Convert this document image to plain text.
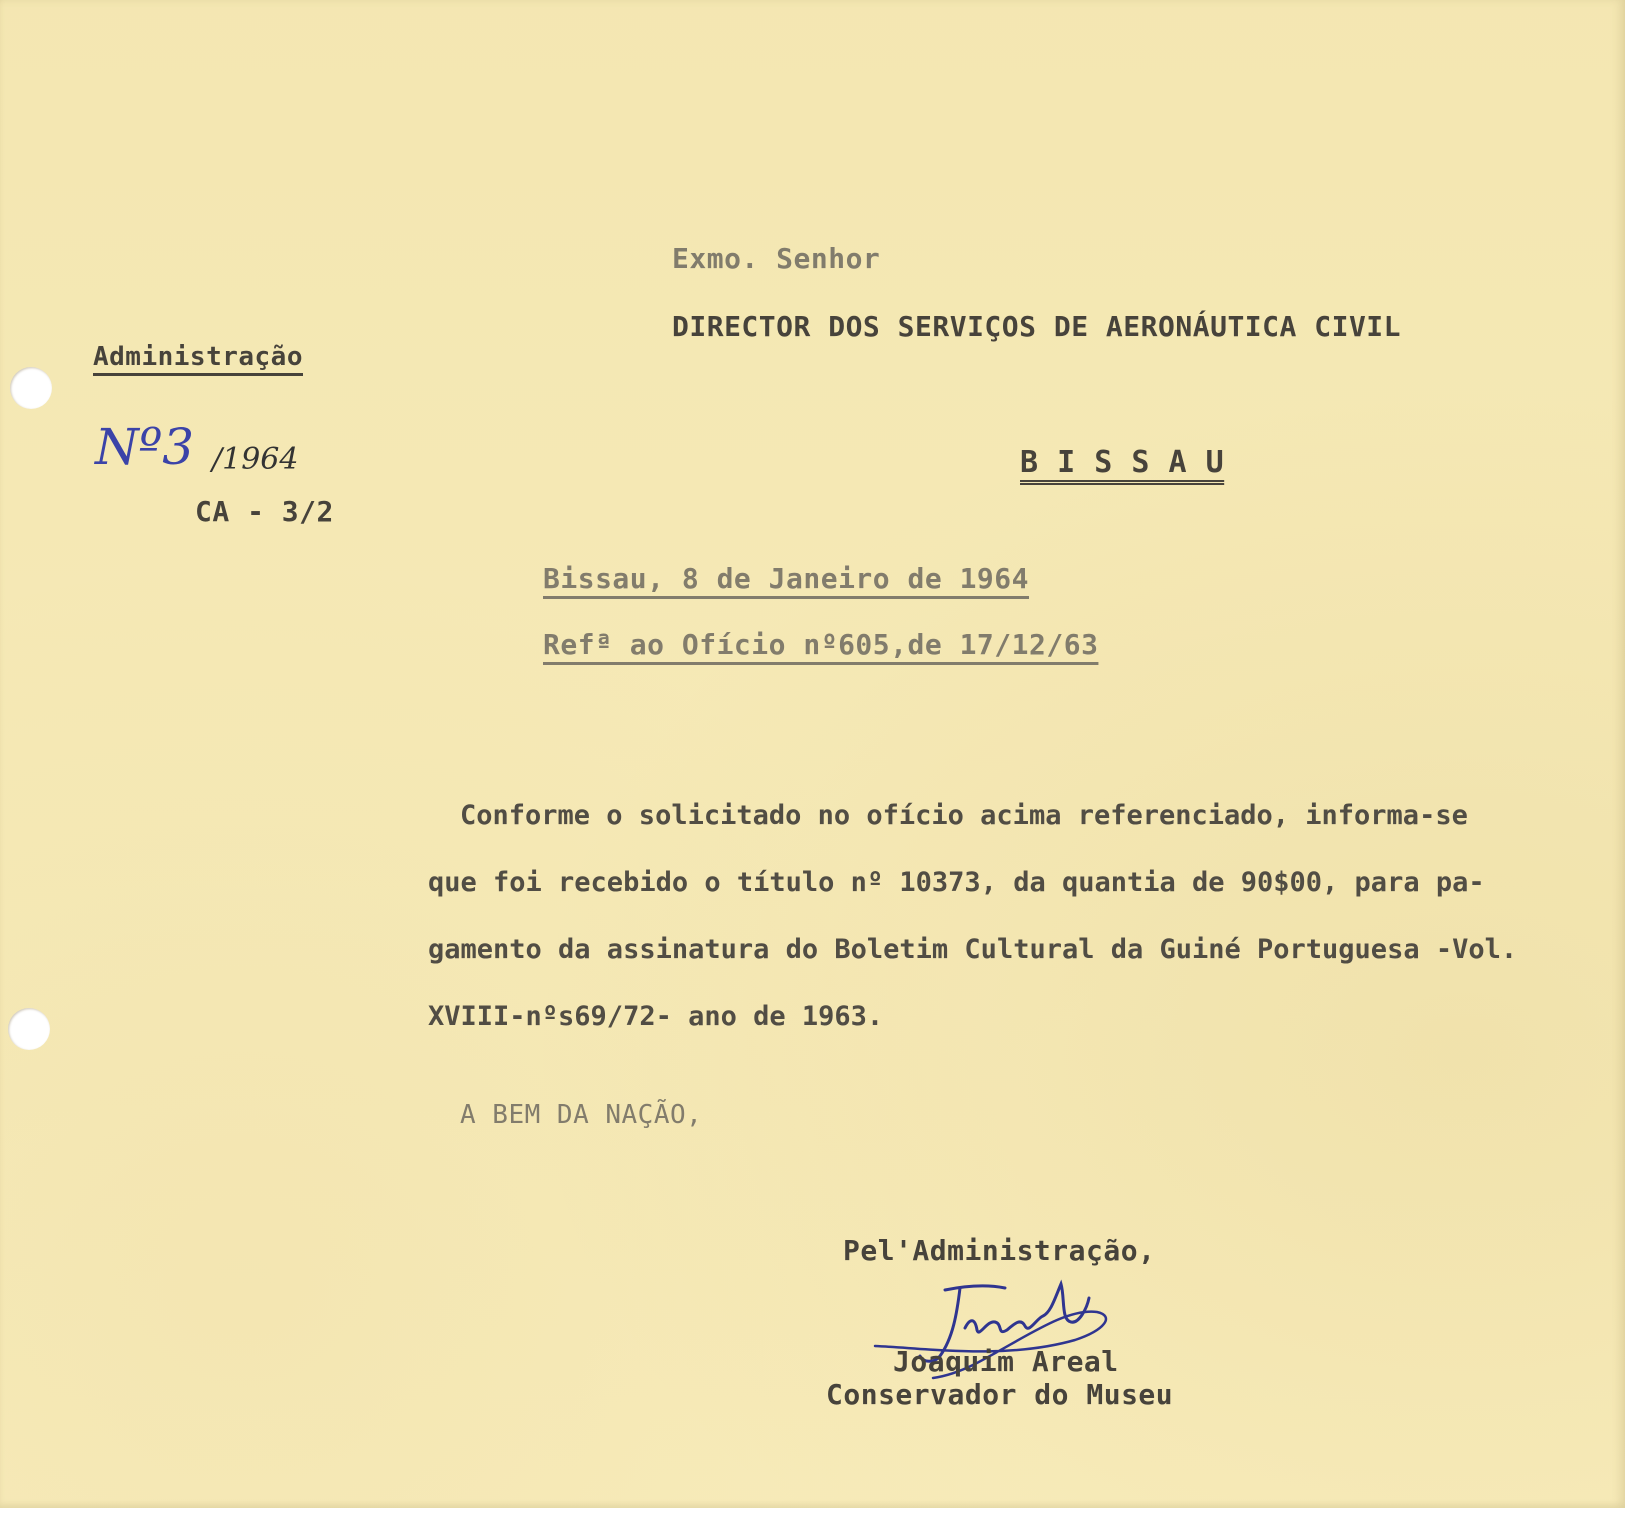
Exmo. Senhor
DIRECTOR DOS SERVIÇOS DE AERONÁUTICA CIVIL
Administração
Nº3 /1964
CA - 3/2
B I S S A U
Bissau, 8 de Janeiro de 1964
Refª ao Ofício nº605,de 17/12/63
Conforme o solicitado no ofício acima referenciado, informa-se
que foi recebido o título nº 10373, da quantia de 90$00, para pa-
gamento da assinatura do Boletim Cultural da Guiné Portuguesa -Vol.
XVIII-nºs69/72- ano de 1963.
A BEM DA NAÇÃO,
Pel'Administração,
Joaquim Areal
Conservador do Museu
